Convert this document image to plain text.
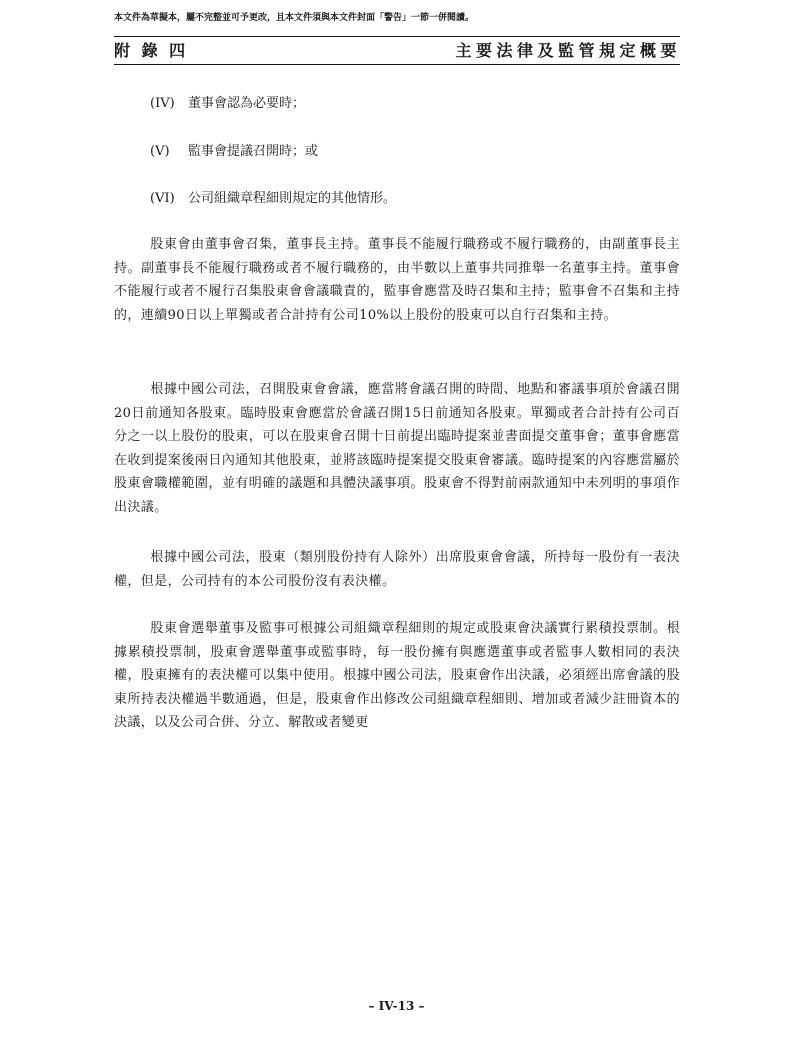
本文件為草擬本，屬不完整並可予更改，且本文件須與本文件封面「警告」一節一併閱讀。
附 錄 四	主要法律及監管規定概要
(IV) 董事會認為必要時；
(V) 監事會提議召開時；或
(VI) 公司組織章程細則規定的其他情形。

股東會由董事會召集，董事長主持。董事長不能履行職務或不履行職務的，由副董事長主持。副董事長不能履行職務或者不履行職務的，由半數以上董事共同推舉一名董事主持。董事會不能履行或者不履行召集股東會會議職責的，監事會應當及時召集和主持；監事會不召集和主持的，連續90日以上單獨或者合計持有公司10%以上股份的股東可以自行召集和主持。

根據中國公司法，召開股東會會議，應當將會議召開的時間、地點和審議事項於會議召開20日前通知各股東。臨時股東會應當於會議召開15日前通知各股東。單獨或者合計持有公司百分之一以上股份的股東，可以在股東會召開十日前提出臨時提案並書面提交董事會；董事會應當在收到提案後兩日內通知其他股東，並將該臨時提案提交股東會審議。臨時提案的內容應當屬於股東會職權範圍，並有明確的議題和具體決議事項。股東會不得對前兩款通知中未列明的事項作出決議。

根據中國公司法，股東（類別股份持有人除外）出席股東會會議，所持每一股份有一表決權，但是，公司持有的本公司股份沒有表決權。

股東會選舉董事及監事可根據公司組織章程細則的規定或股東會決議實行累積投票制。根據累積投票制，股東會選舉董事或監事時，每一股份擁有與應選董事或者監事人數相同的表決權，股東擁有的表決權可以集中使用。根據中國公司法，股東會作出決議，必須經出席會議的股東所持表決權過半數通過，但是，股東會作出修改公司組織章程細則、增加或者減少註冊資本的決議，以及公司合併、分立、解散或者變更

– IV-13 –
